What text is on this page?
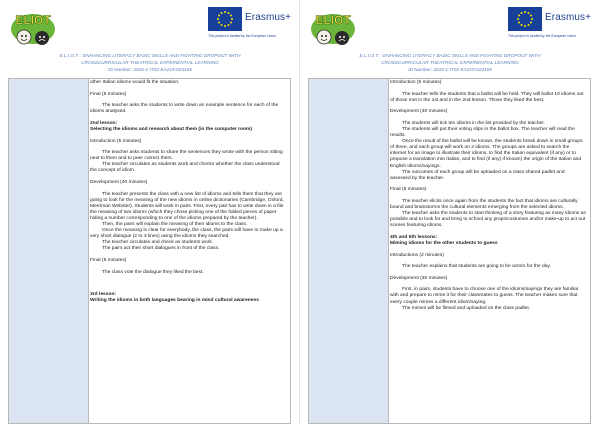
ELIOT	Erasmus+
This project is funded by the European Union
E.L.I.O.T. : ENHANCING LITERACY BASIC SKILLS AND FIGHTING DROPOUT WITH
CROSSCURRICULAR THEATRICAL EXPERIENTIAL LEARNING
ID Number: 2016-1-IT02-KA219-024165

other Italian idioms would fit the situation.

Final (5 minutes)

The teacher asks the students to write down an example sentence for each of the idioms analysed.

2nd lesson:

Selecting the idioms and research about them (in the computer room)

Introduction (5 minutes)

The teacher asks students to share the sentences they wrote with the person sitting next to them and to peer correct them.

The teacher circulates as students work and checks whether the class understood the concept of idiom.

Development (40 minutes)

The teacher presents the class with a new list of idioms and tells them that they are going to look for the meaning of the new idioms in online dictionaries (Cambridge, Oxford, Merriman Webster). Students will work in pairs. First, every pair has to write down in a file the meaning of two idioms (which they chose picking one of the folded pieces of paper hiding a number corresponding to one of the idioms prepared by the teacher).

Then, the pairs will explain the meaning of their idioms to the class.

Once the meaning is clear for everybody, the class, the pairs will have to make up a very short dialogue (2 to 3 lines) using the idioms they searched.

The teacher circulates and check as students work.

The pairs act their short dialogues in front of the class.

Final (5 minutes)

The class vote the dialogue they liked the best.

3rd lesson:

Writing the idioms in both languages bearing in mind cultural awareness

ELIOT	Erasmus+
This project is funded by the European Union
E.L.I.O.T. : ENHANCING LITERACY BASIC SKILLS AND FIGHTING DROPOUT WITH
CROSSCURRICULAR THEATRICAL EXPERIENTIAL LEARNING
ID Number: 2016-1-IT02-KA219-024165

Introduction (5 minutes)

The teacher tells the students that a ballot will be held. They will ballot 10 idioms out of those met in the 1st and in the 2nd lesson. Those they liked the best.

Development (40 minutes)

The students will tick ten idioms in the list provided by the teacher.

The students will put their voting slips in the ballot box. The teacher will read the results.

Once the result of the ballot will be known, the students break down in small groups of three, and each group will work on 2 idioms. The groups are asked to search the internet for an image to illustrate their idioms, to find the Italian equivalent (if any) or to propose a translation into Italian, and to find (if any) if known) the origin of the Italian and English idioms/sayings.

The outcomes of each group will be uploaded on a class shared padlet and assessed by the teacher.

Final (5 minutes)

The teacher elicits once again from the students the fact that idioms are culturally bound and brainstorms the cultural elements emerging from the selected idioms.

The teacher asks the students to start thinking of a story featuring as many idioms as possible and to look for and bring to school any props/costumes and/or make-up to act out scenes featuring idioms.

4th and 5th lessons:

Miming idioms for the other students to guess

Introductions (2 minutes)

The teacher explains that students are going to be actors for the day.

Development (30 minutes)

First, in pairs, students have to choose one of the idioms/sayings they are familiar with and prepare to mime it for their classmates to guess. The teacher makes sure that every couple mimes a different idiom/saying.

The mimes will be filmed and uploaded on the class padlet.
